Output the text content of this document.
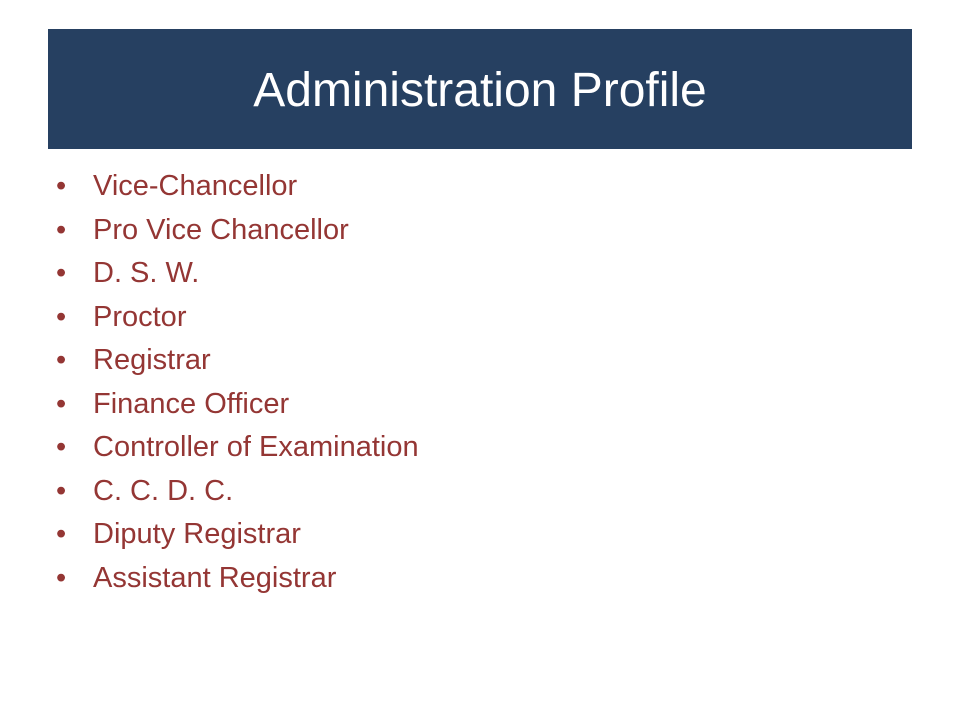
Administration Profile
• Vice-Chancellor
• Pro Vice Chancellor
• D. S. W.
• Proctor
• Registrar
• Finance Officer
• Controller of Examination
• C. C. D. C.
• Diputy Registrar
• Assistant Registrar
